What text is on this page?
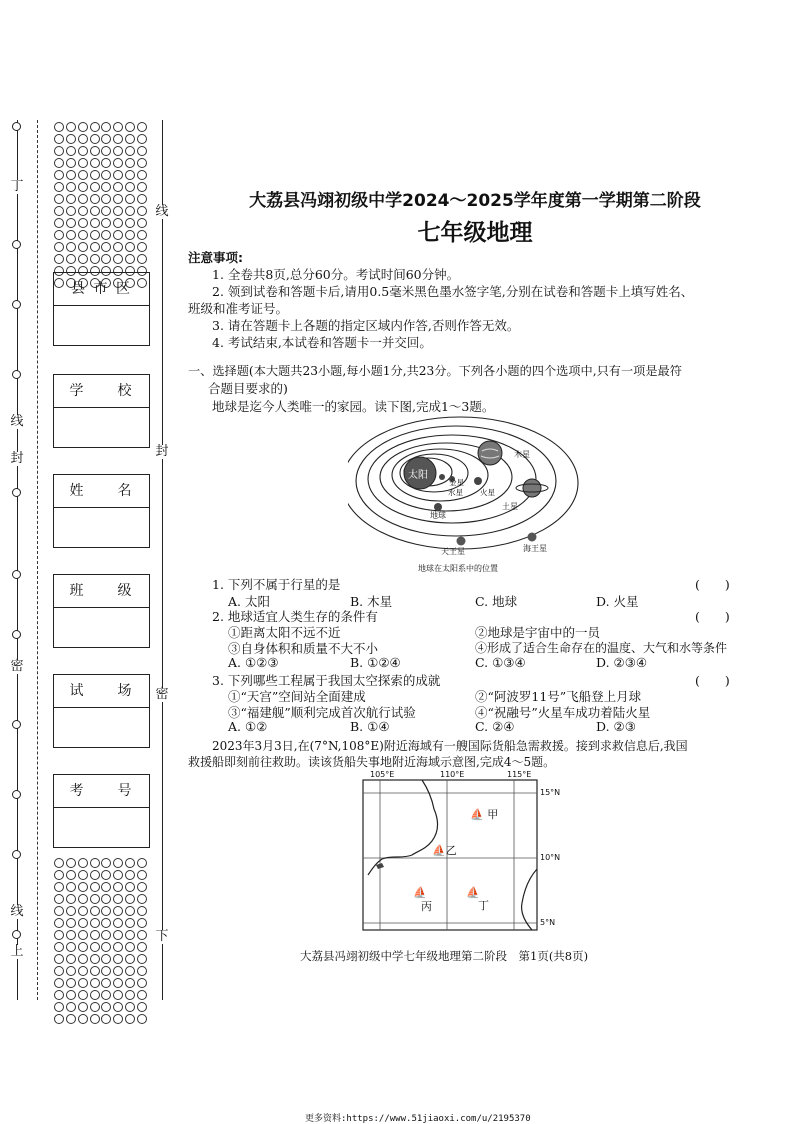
丁
线
封
密
线
上
县 市 区
学　　校
姓　　名
班　　级
试　　场
考　　号
线
封
密
下
大荔县冯翊初级中学2024～2025学年度第一学期第二阶段
七年级地理
注意事项:
1. 全卷共8页,总分60分。考试时间60分钟。
2. 领到试卷和答题卡后,请用0.5毫米黑色墨水签字笔,分别在试卷和答题卡上填写姓名、
班级和准考证号。
3. 请在答题卡上各题的指定区域内作答,否则作答无效。
4. 考试结束,本试卷和答题卡一并交回。
一、选择题(本大题共23小题,每小题1分,共23分。下列各小题的四个选项中,只有一项是最符
合题目要求的)
地球是迄今人类唯一的家园。读下图,完成1～3题。
太阳
木星
金星
水星 火星
土星
地球
天王星	海王星
地球在太阳系中的位置
1. 下列不属于行星的是	(　　)
A. 太阳	B. 木星	C. 地球	D. 火星
2. 地球适宜人类生存的条件有	(　　)
①距离太阳不远不近	②地球是宇宙中的一员
③自身体积和质量不大不小	④形成了适合生命存在的温度、大气和水等条件
A. ①②③	B. ①②④	C. ①③④	D. ②③④
3. 下列哪些工程属于我国太空探索的成就	(　　)
①“天宫”空间站全面建成	②“阿波罗11号”飞船登上月球
③“福建舰”顺利完成首次航行试验	④“祝融号”火星车成功着陆火星
A. ①②	B. ①④	C. ②④	D. ②③
2023年3月3日,在(7°N,108°E)附近海域有一艘国际货船急需救援。接到求救信息后,我国
救援船即刻前往救助。读该货船失事地附近海域示意图,完成4～5题。
105°E	110°E	115°E
15°N
10°N
5°N
⛵ 甲
⛵乙
⛵
丙
⛵
丁
大荔县冯翊初级中学七年级地理第二阶段　第1页(共8页)
更多资料:https://www.51jiaoxi.com/u/2195370
